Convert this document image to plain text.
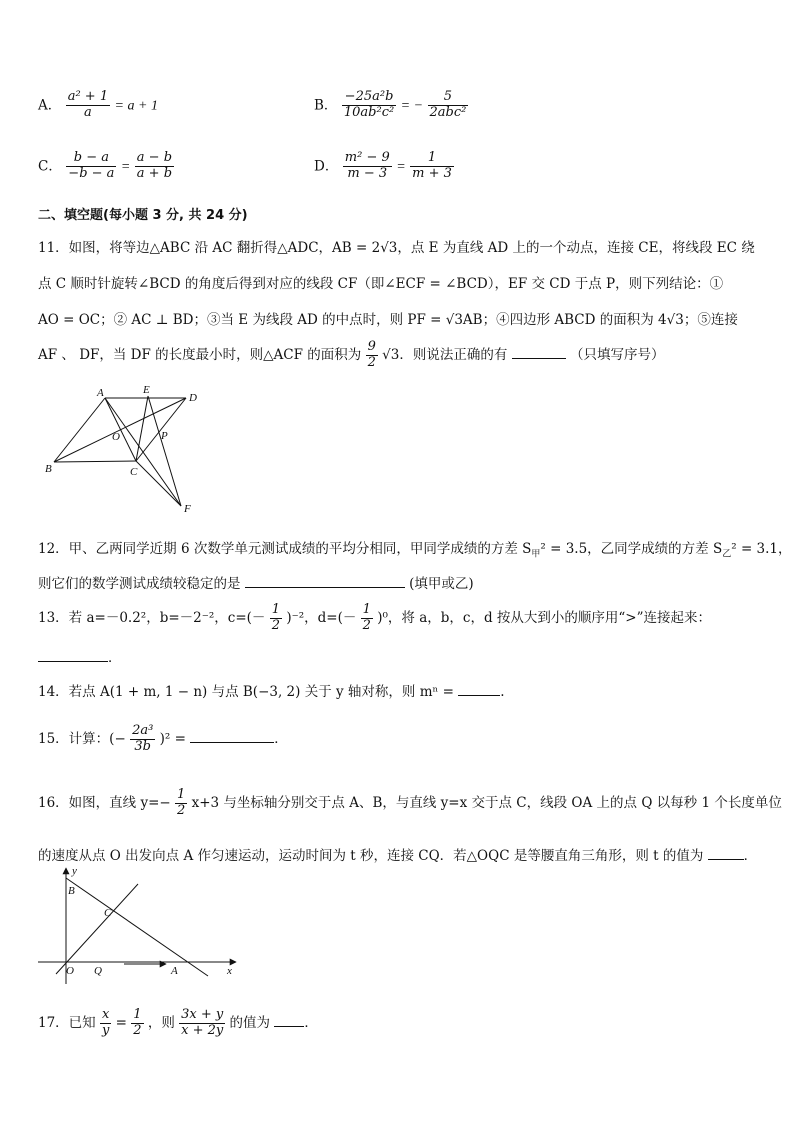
A． $\frac{\text{a² + 1}}{a} = a + 1$	B． $\frac{\text{−25a²b}}{\text{10ab²c²}}$ = − $\frac{5}{\text{2abc²}}$
C． $\frac{b - a}{-b - a} = \frac{a - b}{a + b}$	D． $\frac{\text{m² − 9}}{m - 3} = \frac{1}{m + 3}$
二、填空题(每小题 3 分, 共 24 分)
11．如图，将等边△ABC 沿 AC 翻折得△ADC，AB = 2√3，点 E 为直线 AD 上的一个动点，连接 CE，将线段 EC 绕
点 C 顺时针旋转∠BCD 的角度后得到对应的线段 CF（即∠ECF = ∠BCD），EF 交 CD 于点 P，则下列结论：①
AO = OC；② AC ⊥ BD；③当 E 为线段 AD 的中点时，则 PF = √3AB；④四边形 ABCD 的面积为 4√3；⑤连接
AF 、 DF，当 DF 的长度最小时，则△ACF 的面积为 $\frac{9}{2} √3$．则说法正确的有	（只填写序号）
A	E
D
O	P
B	C
F
12．甲、乙两同学近期 6 次数学单元测试成绩的平均分相同，甲同学成绩的方差 $S_甲^2 = 3.5$，乙同学成绩的方差 $S_乙^2 = 3.1$，
则它们的数学测试成绩较稳定的是	(填甲或乙)
13．若 a=－0.2²，b=－2⁻²，$c=(- \frac{1}{2} )^{-2}$，$d=(- \frac{1}{2} )^0$，将 a，b，c，d 按从大到小的顺序用“>”连接起来：
．
14．若点 A(1 + m, 1 − n) 与点 B(−3, 2) 关于 y 轴对称，则 mⁿ =	.
15．计算：(− $\frac{\text{2a³}}{3b} )^2$ =	．
16．如图，直线 $y=- \frac{1}{2} x+3$ 与坐标轴分别交于点 A、B，与直线 y=x 交于点 C，线段 OA 上的点 Q 以每秒 1 个长度单位
的速度从点 O 出发向点 A 作匀速运动，运动时间为 t 秒，连接 CQ．若△OQC 是等腰直角三角形，则 t 的值为	．
y
B
C
O Q	A	x
17．已知 $\frac{x}{y} = \frac{1}{2}$ ，则 $\frac{3x + y}{x + 2y}$ 的值为	．
